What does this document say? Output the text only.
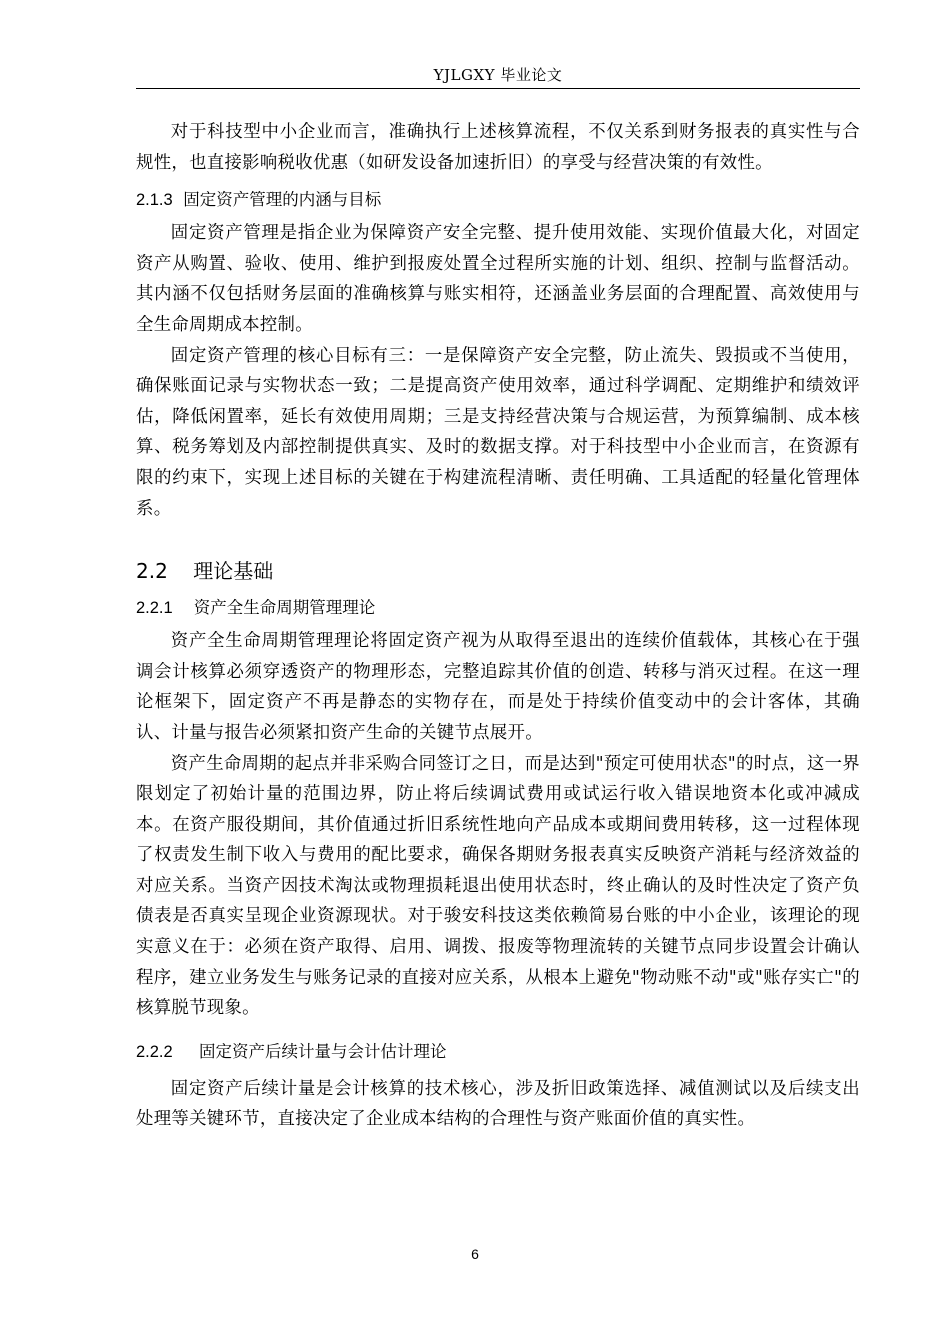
YJLGXY 毕业论文

对于科技型中小企业而言，准确执行上述核算流程，不仅关系到财务报表的真实性与合规性，也直接影响税收优惠（如研发设备加速折旧）的享受与经营决策的有效性。

2.1.3 固定资产管理的内涵与目标

固定资产管理是指企业为保障资产安全完整、提升使用效能、实现价值最大化，对固定资产从购置、验收、使用、维护到报废处置全过程所实施的计划、组织、控制与监督活动。其内涵不仅包括财务层面的准确核算与账实相符，还涵盖业务层面的合理配置、高效使用与全生命周期成本控制。

固定资产管理的核心目标有三：一是保障资产安全完整，防止流失、毁损或不当使用，确保账面记录与实物状态一致；二是提高资产使用效率，通过科学调配、定期维护和绩效评估，降低闲置率，延长有效使用周期；三是支持经营决策与合规运营，为预算编制、成本核算、税务筹划及内部控制提供真实、及时的数据支撑。对于科技型中小企业而言，在资源有限的约束下，实现上述目标的关键在于构建流程清晰、责任明确、工具适配的轻量化管理体系。

2.2 理论基础
2.2.1 资产全生命周期管理理论

资产全生命周期管理理论将固定资产视为从取得至退出的连续价值载体，其核心在于强调会计核算必须穿透资产的物理形态，完整追踪其价值的创造、转移与消灭过程。在这一理论框架下，固定资产不再是静态的实物存在，而是处于持续价值变动中的会计客体，其确认、计量与报告必须紧扣资产生命的关键节点展开。

资产生命周期的起点并非采购合同签订之日，而是达到"预定可使用状态"的时点，这一界限划定了初始计量的范围边界，防止将后续调试费用或试运行收入错误地资本化或冲减成本。在资产服役期间，其价值通过折旧系统性地向产品成本或期间费用转移，这一过程体现了权责发生制下收入与费用的配比要求，确保各期财务报表真实反映资产消耗与经济效益的对应关系。当资产因技术淘汰或物理损耗退出使用状态时，终止确认的及时性决定了资产负债表是否真实呈现企业资源现状。对于骏安科技这类依赖简易台账的中小企业，该理论的现实意义在于：必须在资产取得、启用、调拨、报废等物理流转的关键节点同步设置会计确认程序，建立业务发生与账务记录的直接对应关系，从根本上避免"物动账不动"或"账存实亡"的核算脱节现象。

2.2.2 固定资产后续计量与会计估计理论

固定资产后续计量是会计核算的技术核心，涉及折旧政策选择、减值测试以及后续支出处理等关键环节，直接决定了企业成本结构的合理性与资产账面价值的真实性。

6
